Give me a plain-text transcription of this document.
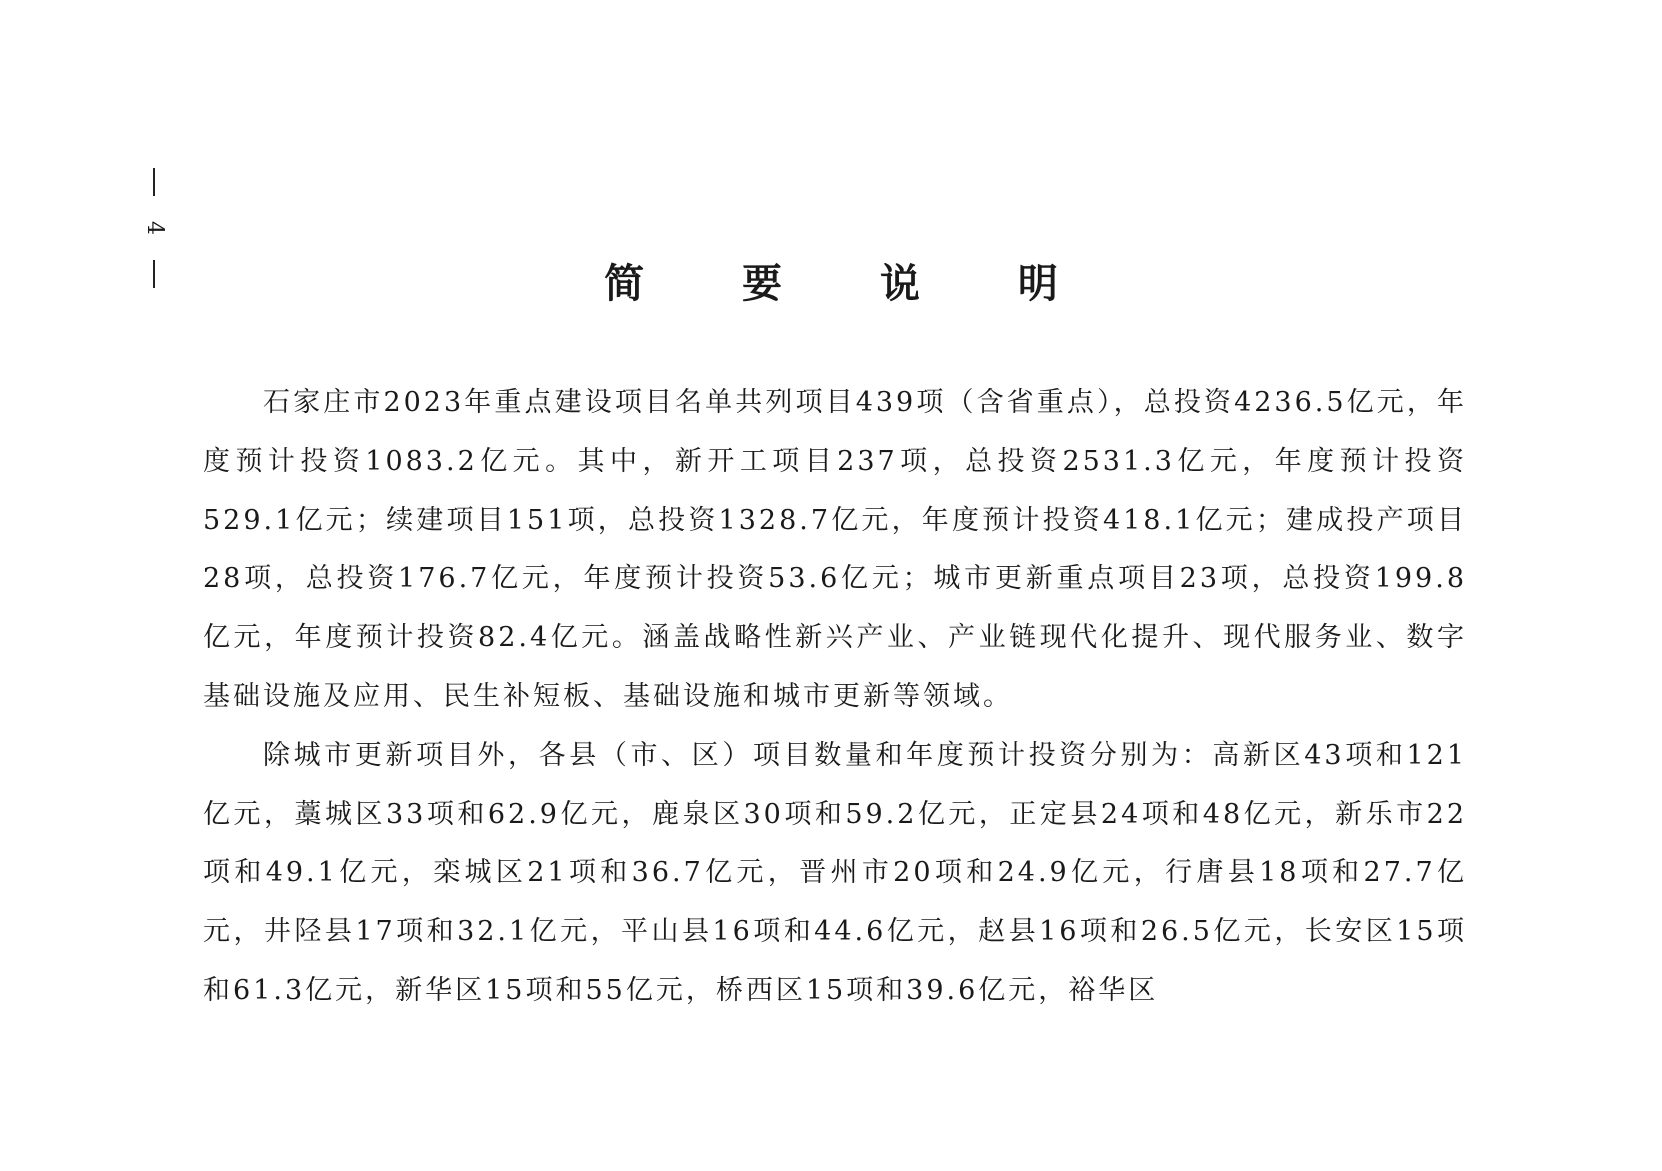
4
简 要 说 明

石家庄市2023年重点建设项目名单共列项目439项（含省重点），总投资4236.5亿元，年度预计投资1083.2亿元。其中，新开工项目237项，总投资2531.3亿元，年度预计投资529.1亿元；续建项目151项，总投资1328.7亿元，年度预计投资418.1亿元；建成投产项目28项，总投资176.7亿元，年度预计投资53.6亿元；城市更新重点项目23项，总投资199.8亿元，年度预计投资82.4亿元。涵盖战略性新兴产业、产业链现代化提升、现代服务业、数字基础设施及应用、民生补短板、基础设施和城市更新等领域。

除城市更新项目外，各县（市、区）项目数量和年度预计投资分别为：高新区43项和121亿元，藁城区33项和62.9亿元，鹿泉区30项和59.2亿元，正定县24项和48亿元，新乐市22项和49.1亿元，栾城区21项和36.7亿元，晋州市20项和24.9亿元，行唐县18项和27.7亿元，井陉县17项和32.1亿元，平山县16项和44.6亿元，赵县16项和26.5亿元，长安区15项和61.3亿元，新华区15项和55亿元，桥西区15项和39.6亿元，裕华区
